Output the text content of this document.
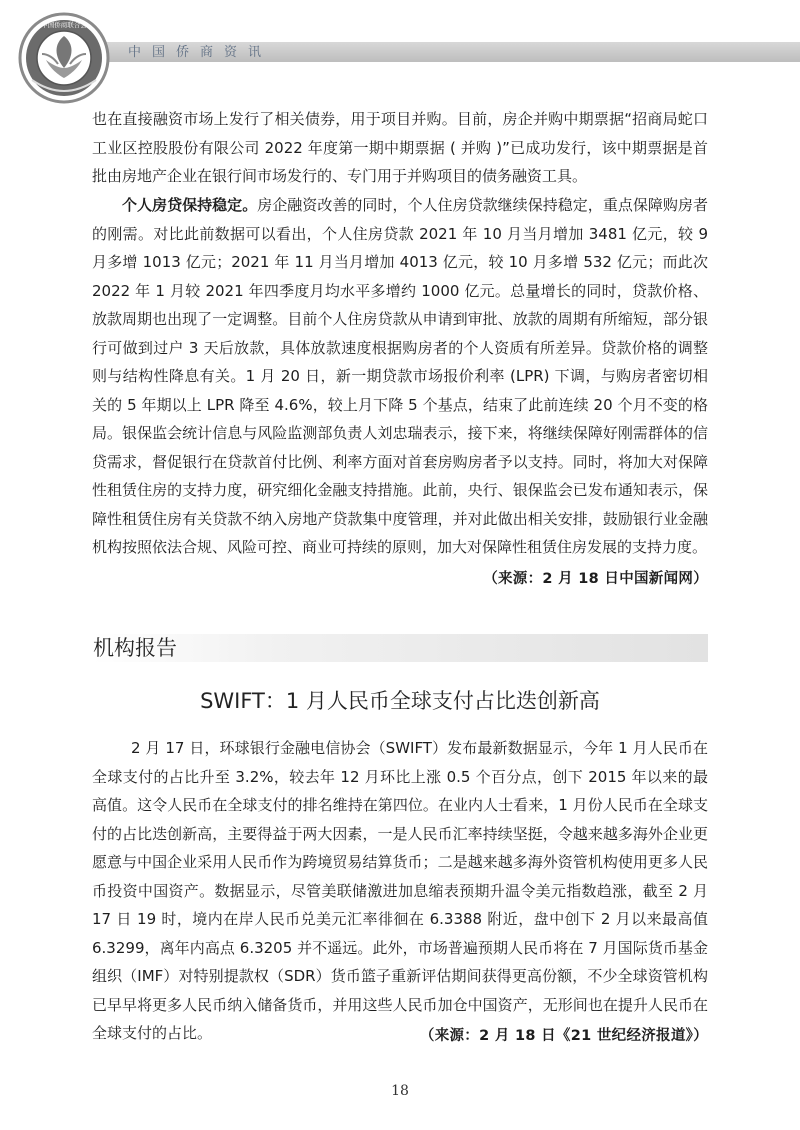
中国侨商资讯
中国侨商联合会

也在直接融资市场上发行了相关债券，用于项目并购。目前，房企并购中期票据“招商局蛇口工业区控股股份有限公司 2022 年度第一期中期票据 ( 并购 )”已成功发行，该中期票据是首批由房地产企业在银行间市场发行的、专门用于并购项目的债务融资工具。

个人房贷保持稳定。房企融资改善的同时，个人住房贷款继续保持稳定，重点保障购房者的刚需。对比此前数据可以看出，个人住房贷款 2021 年 10 月当月增加 3481 亿元，较 9 月多增 1013 亿元；2021 年 11 月当月增加 4013 亿元，较 10 月多增 532 亿元；而此次 2022 年 1 月较 2021 年四季度月均水平多增约 1000 亿元。总量增长的同时，贷款价格、放款周期也出现了一定调整。目前个人住房贷款从申请到审批、放款的周期有所缩短，部分银行可做到过户 3 天后放款，具体放款速度根据购房者的个人资质有所差异。贷款价格的调整则与结构性降息有关。1 月 20 日，新一期贷款市场报价利率 (LPR) 下调，与购房者密切相关的 5 年期以上 LPR 降至 4.6%，较上月下降 5 个基点，结束了此前连续 20 个月不变的格局。银保监会统计信息与风险监测部负责人刘忠瑞表示，接下来，将继续保障好刚需群体的信贷需求，督促银行在贷款首付比例、利率方面对首套房购房者予以支持。同时，将加大对保障性租赁住房的支持力度，研究细化金融支持措施。此前，央行、银保监会已发布通知表示，保障性租赁住房有关贷款不纳入房地产贷款集中度管理，并对此做出相关安排，鼓励银行业金融机构按照依法合规、风险可控、商业可持续的原则，加大对保障性租赁住房发展的支持力度。

（来源：2 月 18 日中国新闻网）
机构报告
SWIFT：1 月人民币全球支付占比迭创新高

2 月 17 日，环球银行金融电信协会（SWIFT）发布最新数据显示，今年 1 月人民币在全球支付的占比升至 3.2%，较去年 12 月环比上涨 0.5 个百分点，创下 2015 年以来的最高值。这令人民币在全球支付的排名维持在第四位。在业内人士看来，1 月份人民币在全球支付的占比迭创新高，主要得益于两大因素，一是人民币汇率持续坚挺，令越来越多海外企业更愿意与中国企业采用人民币作为跨境贸易结算货币；二是越来越多海外资管机构使用更多人民币投资中国资产。数据显示，尽管美联储激进加息缩表预期升温令美元指数趋涨，截至 2 月 17 日 19 时，境内在岸人民币兑美元汇率徘徊在 6.3388 附近，盘中创下 2 月以来最高值 6.3299，离年内高点 6.3205 并不遥远。此外，市场普遍预期人民币将在 7 月国际货币基金组织（IMF）对特别提款权（SDR）货币篮子重新评估期间获得更高份额，不少全球资管机构已早早将更多人民币纳入储备货币，并用这些人民币加仓中国资产，无形间也在提升人民币在全球支付的占比。	（来源：2 月 18 日《21 世纪经济报道》）
18
